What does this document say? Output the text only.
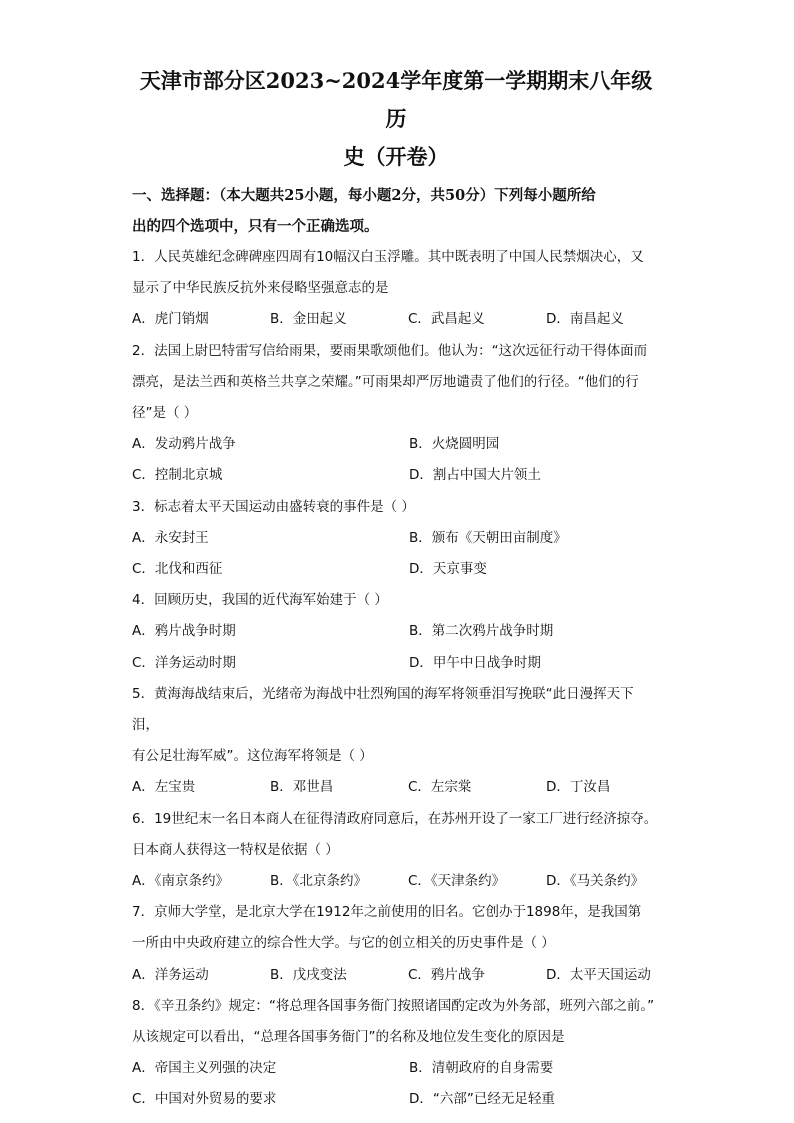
天津市部分区2023~2024学年度第一学期期末八年级历

史（开卷）

一、选择题：（本大题共25小题，每小题2分，共50分）下列每小题所给

出的四个选项中，只有一个正确选项。

1．人民英雄纪念碑碑座四周有10幅汉白玉浮雕。其中既表明了中国人民禁烟决心，又

显示了中华民族反抗外来侵略坚强意志的是

A．虎门销烟	B．金田起义	C．武昌起义	D．南昌起义

2．法国上尉巴特雷写信给雨果，要雨果歌颂他们。他认为：“这次远征行动干得体面而

漂亮，是法兰西和英格兰共享之荣耀。”可雨果却严厉地谴责了他们的行径。“他们的行

径”是（ ）

A．发动鸦片战争	B．火烧圆明园
C．控制北京城	D．割占中国大片领土

3．标志着太平天国运动由盛转衰的事件是（ ）

A．永安封王	B．颁布《天朝田亩制度》
C．北伐和西征	D．天京事变

4．回顾历史，我国的近代海军始建于（ ）

A．鸦片战争时期	B．第二次鸦片战争时期
C．洋务运动时期	D．甲午中日战争时期

5．黄海海战结束后，光绪帝为海战中壮烈殉国的海军将领垂泪写挽联“此日漫挥天下泪，

有公足壮海军威”。这位海军将领是（ ）

A．左宝贵	B．邓世昌	C．左宗棠	D．丁汝昌

6．19世纪末一名日本商人在征得清政府同意后，在苏州开设了一家工厂进行经济掠夺。

日本商人获得这一特权是依据（ ）

A．《南京条约》	B．《北京条约》	C．《天津条约》	D．《马关条约》

7．京师大学堂，是北京大学在1912年之前使用的旧名。它创办于1898年，是我国第

一所由中央政府建立的综合性大学。与它的创立相关的历史事件是（ ）

A．洋务运动	B．戊戌变法	C．鸦片战争	D．太平天国运动

8．《辛丑条约》规定：“将总理各国事务衙门按照诸国酌定改为外务部，班列六部之前。”

从该规定可以看出，“总理各国事务衙门”的名称及地位发生变化的原因是

A．帝国主义列强的决定	B．清朝政府的自身需要
C．中国对外贸易的要求	D．“六部”已经无足轻重
